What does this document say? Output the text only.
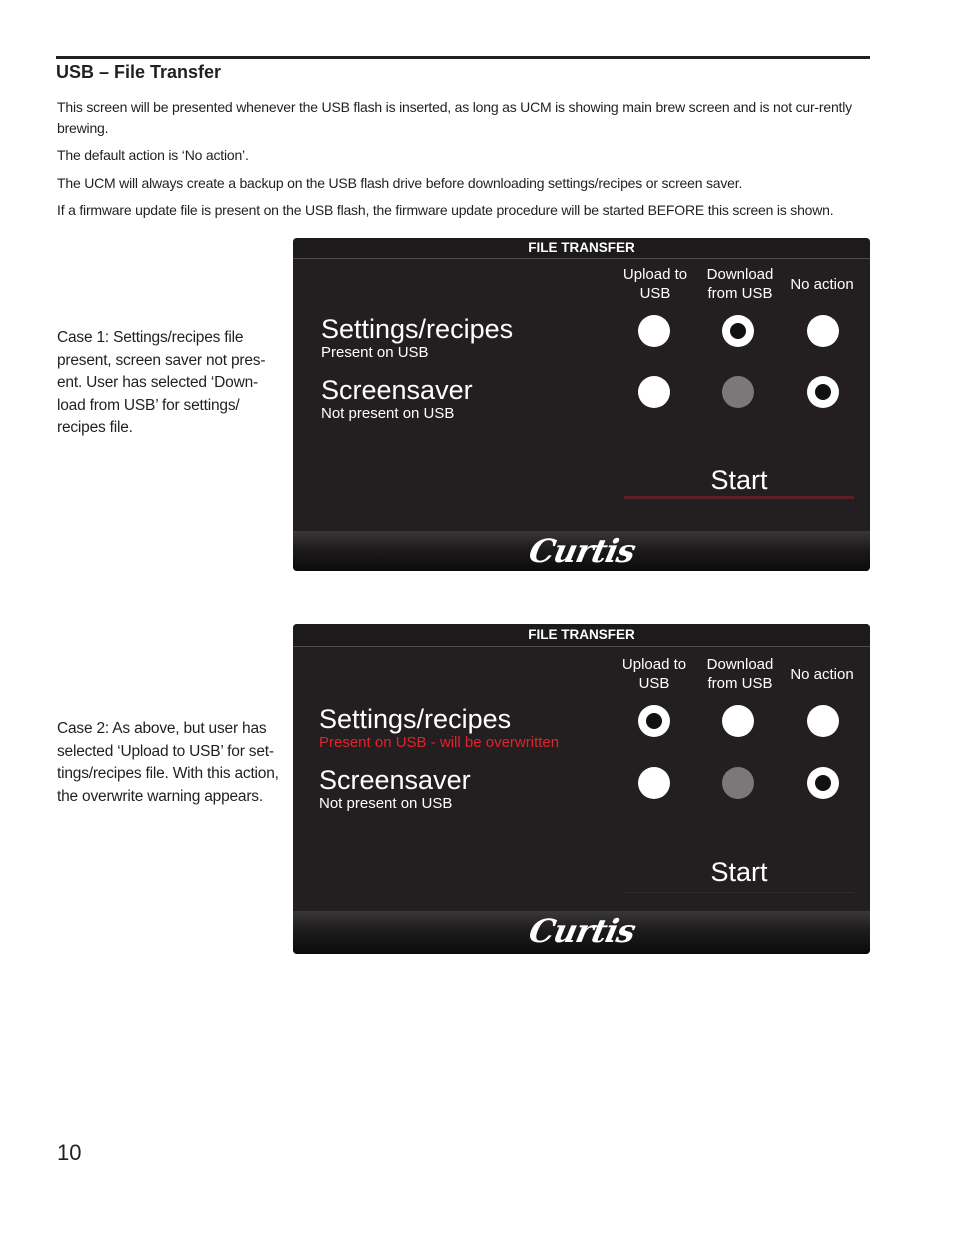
USB – File Transfer
This screen will be presented whenever the USB flash is inserted, as long as UCM is showing main brew screen and is not cur-rently brewing.
The default action is ‘No action’.
The UCM will always create a backup on the USB flash drive before downloading settings/recipes or screen saver.
If a firmware update file is present on the USB flash, the firmware update procedure will be started BEFORE this screen is shown.
Case 1: Settings/recipes file present, screen saver not pres-ent. User has selected ‘Down-load from USB’ for settings/ recipes file.
FILE TRANSFER
Upload to USB
Download from USB
No action
Settings/recipes
Present on USB
Screensaver
Not present on USB
Start
Curtis
Case 2: As above, but user has selected ‘Upload to USB’ for set-tings/recipes file. With this action, the overwrite warning appears.
FILE TRANSFER
Upload to USB
Download from USB
No action
Settings/recipes
Present on USB - will be overwritten
Screensaver
Not present on USB
Start
Curtis
10
